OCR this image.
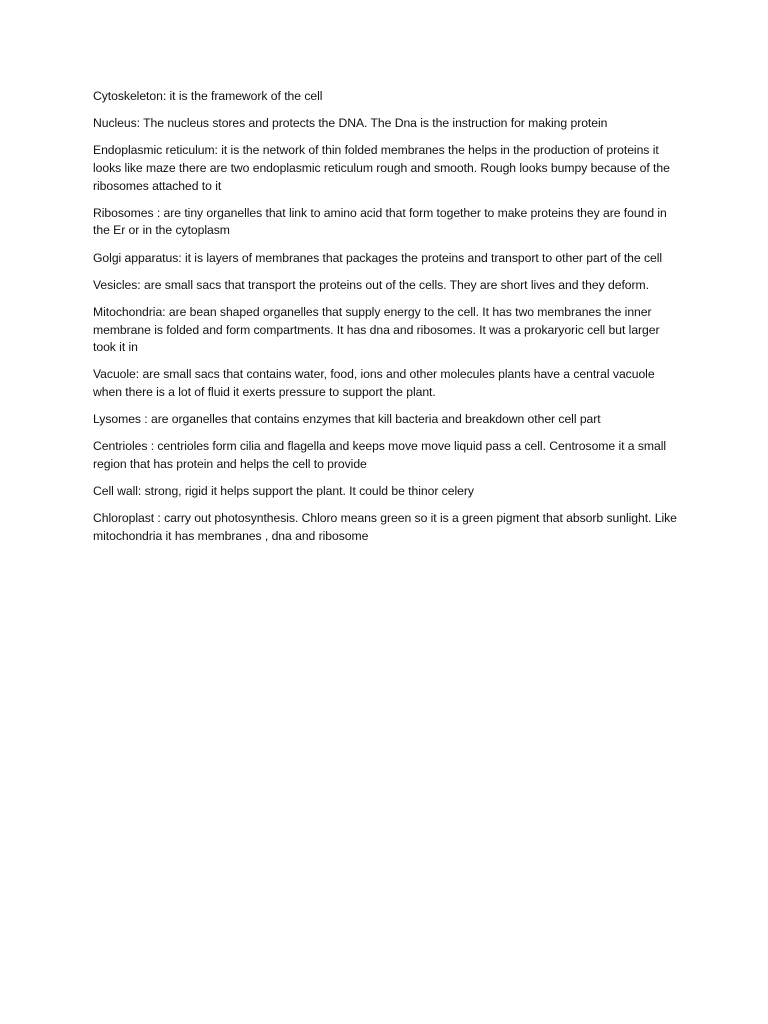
Cytoskeleton: it is the framework of the cell

Nucleus: The nucleus stores and protects the DNA. The Dna is the instruction for making protein

Endoplasmic reticulum: it is the network of thin folded membranes the helps in the production of proteins it looks like maze there are two endoplasmic reticulum rough and smooth. Rough looks bumpy because of the ribosomes attached to it

Ribosomes : are tiny organelles that link to amino acid that form together to make proteins they are found in the Er or in the cytoplasm

Golgi apparatus: it is layers of membranes that packages the proteins and transport to other part of the cell

Vesicles: are small sacs that transport the proteins out of the cells. They are short lives and they deform.

Mitochondria: are bean shaped organelles that supply energy to the cell. It has two membranes the inner membrane is folded and form compartments. It has dna and ribosomes. It was a prokaryoric cell but larger took it in

Vacuole: are small sacs that contains water, food, ions and other molecules plants have a central vacuole when there is a lot of fluid it exerts pressure to support the plant.

Lysomes : are organelles that contains enzymes that kill bacteria and breakdown other cell part

Centrioles : centrioles form cilia and flagella and keeps move move liquid pass a cell. Centrosome it a small region that has protein and helps the cell to provide

Cell wall: strong, rigid it helps support the plant. It could be thinor celery

Chloroplast : carry out photosynthesis. Chloro means green so it is a green pigment that absorb sunlight. Like mitochondria it has membranes , dna and ribosome
